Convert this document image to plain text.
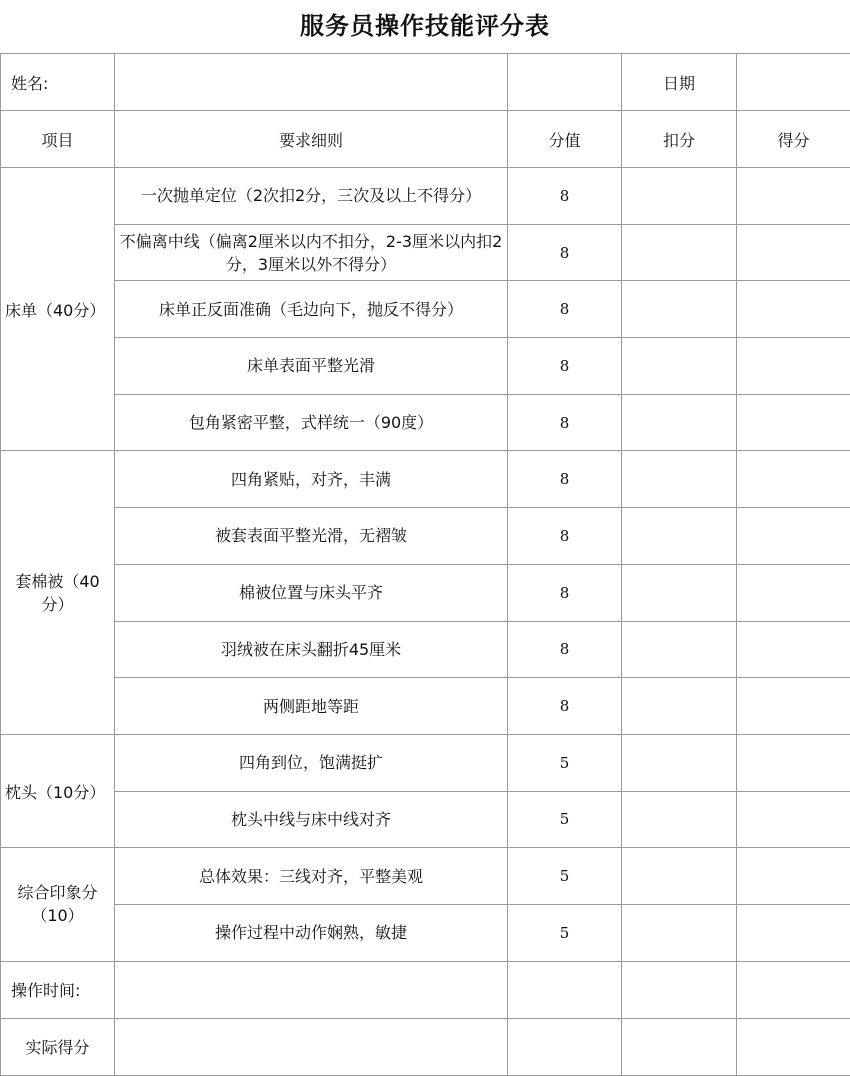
服务员操作技能评分表
姓名:			日期	
项目	要求细则	分值	扣分	得分
床单（40分）	一次抛单定位（2次扣2分，三次及以上不得分）	8		
	不偏离中线（偏离2厘米以内不扣分，2-3厘米以内扣2分，3厘米以外不得分）	8		
	床单正反面准确（毛边向下，抛反不得分）	8		
	床单表面平整光滑	8		
	包角紧密平整，式样统一（90度）	8		
套棉被（40分）	四角紧贴，对齐，丰满	8		
	被套表面平整光滑，无褶皱	8		
	棉被位置与床头平齐	8		
	羽绒被在床头翻折45厘米	8		
	两侧距地等距	8		
枕头（10分）	四角到位，饱满挺扩	5		
	枕头中线与床中线对齐	5		
综合印象分（10）	总体效果：三线对齐，平整美观	5		
	操作过程中动作娴熟，敏捷	5		
操作时间:				
实际得分				
